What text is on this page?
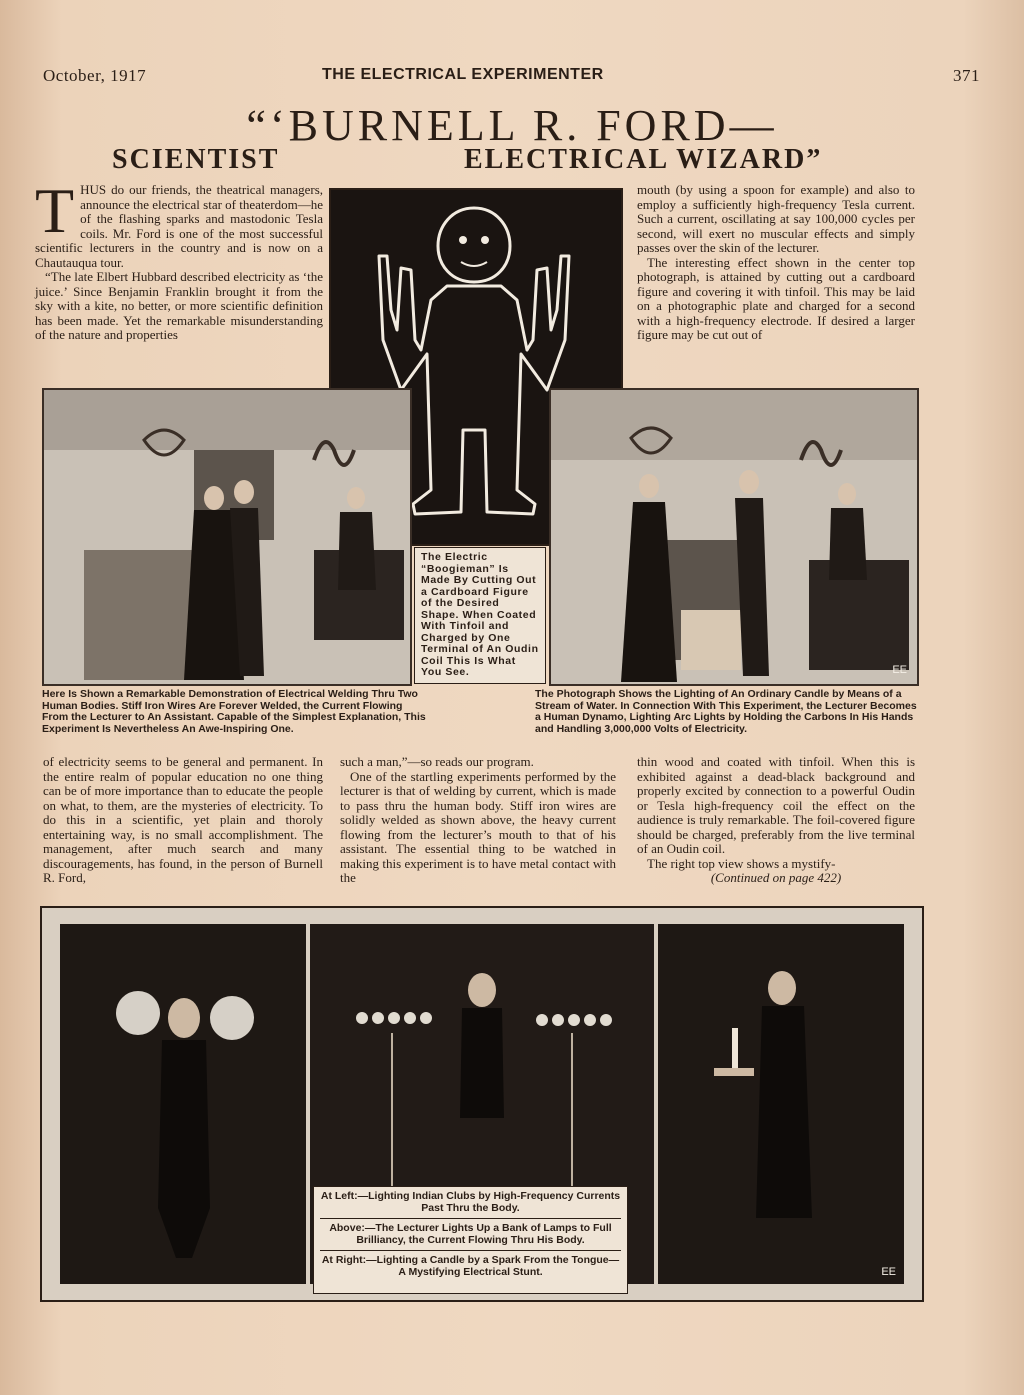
October, 1917	THE ELECTRICAL EXPERIMENTER	371
“‘BURNELL R. FORD—
SCIENTIST	ELECTRICAL WIZARD”
T HUS do our friends, the theatrical managers, announce the electrical star of theaterdom—he of the flashing sparks and mastodonic Tesla coils. Mr. Ford is one of the most successful scientific lecturers in the country and is now on a Chautauqua tour.

“The late Elbert Hubbard described electricity as ‘the juice.’ Since Benjamin Franklin brought it from the sky with a kite, no better, or more scientific definition has been made. Yet the remarkable misunderstanding of the nature and properties

mouth (by using a spoon for example) and also to employ a sufficiently high-frequency Tesla current. Such a current, oscillating at say 100,000 cycles per second, will exert no muscular effects and simply passes over the skin of the lecturer.

The interesting effect shown in the center top photograph, is attained by cutting out a cardboard figure and covering it with tinfoil. This may be laid on a photographic plate and charged for a second with a high-frequency electrode. If desired a larger figure may be cut out of

EE
The Electric “Boogieman” Is Made By Cutting Out a Cardboard Figure of the Desired Shape. When Coated With Tinfoil and Charged by One Terminal of An Oudin Coil This Is What You See.
Here Is Shown a Remarkable Demonstration of Electrical Welding Thru Two Human Bodies. Stiff Iron Wires Are Forever Welded, the Current Flowing From the Lecturer to An Assistant. Capable of the Simplest Explanation, This Experiment Is Nevertheless An Awe-Inspiring One.
The Photograph Shows the Lighting of An Ordinary Candle by Means of a Stream of Water. In Connection With This Experiment, the Lecturer Becomes a Human Dynamo, Lighting Arc Lights by Holding the Carbons In His Hands and Handling 3,000,000 Volts of Electricity.

of electricity seems to be general and permanent. In the entire realm of popular education no one thing can be of more importance than to educate the people on what, to them, are the mysteries of electricity. To do this in a scientific, yet plain and thoroly entertaining way, is no small accomplishment. The management, after much search and many discouragements, has found, in the person of Burnell R. Ford,

such a man,”—so reads our program.

One of the startling experiments performed by the lecturer is that of welding by current, which is made to pass thru the human body. Stiff iron wires are solidly welded as shown above, the heavy current flowing from the lecturer’s mouth to that of his assistant. The essential thing to be watched in making this experiment is to have metal contact with the

thin wood and coated with tinfoil. When this is exhibited against a dead-black background and properly excited by connection to a powerful Oudin or Tesla high-frequency coil the effect on the audience is truly remarkable. The foil-covered figure should be charged, preferably from the live terminal of an Oudin coil.

The right top view shows a mystify-

(Continued on page 422)
EE
At Left:—Lighting Indian Clubs by High-Frequency Currents Past Thru the Body.
Above:—The Lecturer Lights Up a Bank of Lamps to Full Brilliancy, the Current Flowing Thru His Body.
At Right:—Lighting a Candle by a Spark From the Tongue—A Mystifying Electrical Stunt.
